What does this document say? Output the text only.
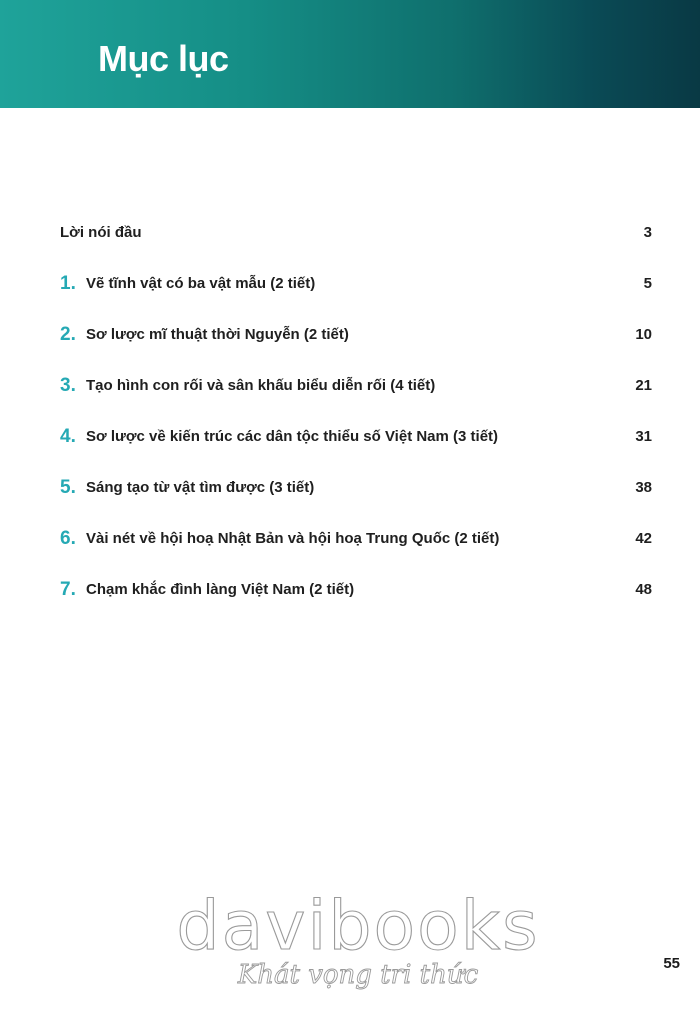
Mục lục
Lời nói đầu	3
1. Vẽ tĩnh vật có ba vật mẫu (2 tiết)	5
2. Sơ lược mĩ thuật thời Nguyễn (2 tiết)	10
3. Tạo hình con rối và sân khấu biểu diễn rối (4 tiết)	21
4. Sơ lược về kiến trúc các dân tộc thiểu số Việt Nam (3 tiết)	31
5. Sáng tạo từ vật tìm được (3 tiết)	38
6. Vài nét về hội hoạ Nhật Bản và hội hoạ Trung Quốc (2 tiết)	42
7. Chạm khắc đình làng Việt Nam (2 tiết)	48
davibooks
Khát vọng tri thức	55
